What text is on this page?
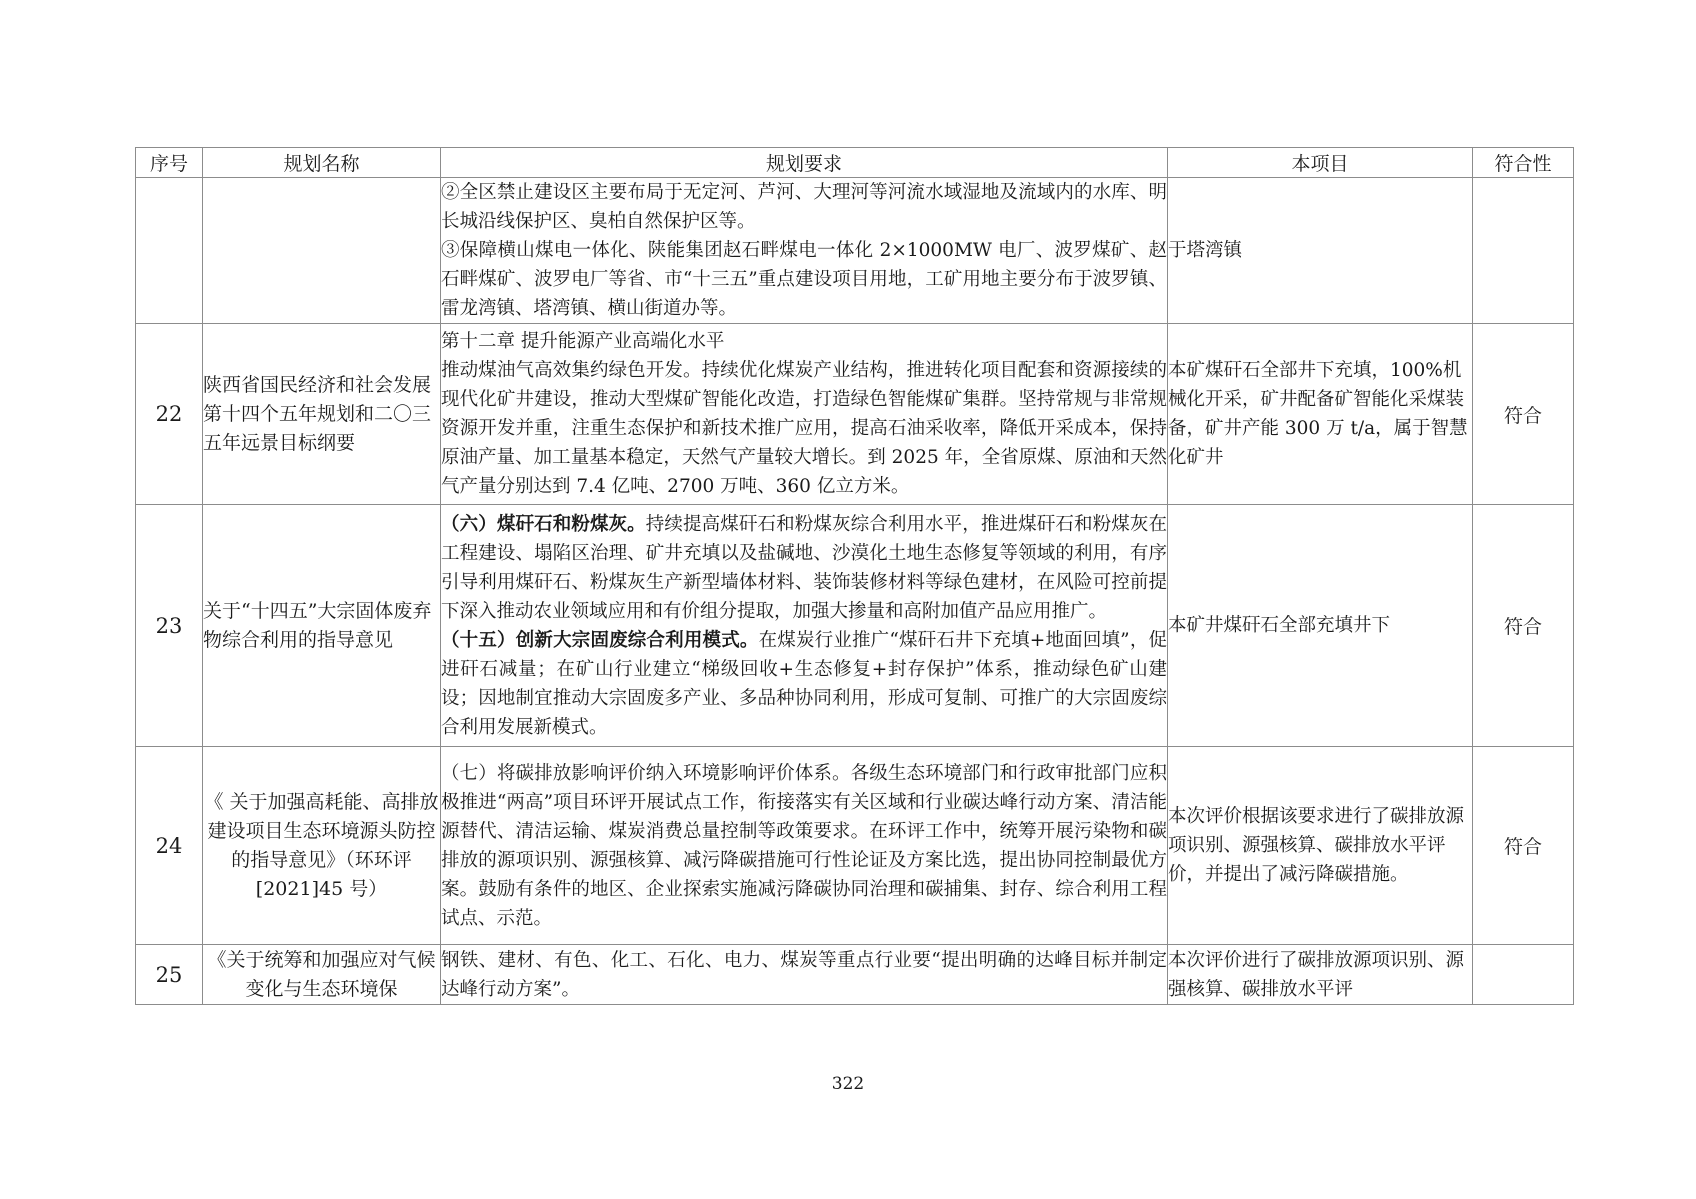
序号	规划名称	规划要求	本项目	符合性

		②全区禁止建设区主要布局于无定河、芦河、大理河等河流水域湿地及流域内的水库、明长城沿线保护区、臭柏自然保护区等。

③保障横山煤电一体化、陕能集团赵石畔煤电一体化 2×1000MW 电厂、波罗煤矿、赵石畔煤矿、波罗电厂等省、市“十三五”重点建设项目用地，工矿用地主要分布于波罗镇、雷龙湾镇、塔湾镇、横山街道办等。	于塔湾镇	
22	陕西省国民经济和社会发展第十四个五年规划和二〇三五年远景目标纲要	第十二章 提升能源产业高端化水平

推动煤油气高效集约绿色开发。持续优化煤炭产业结构，推进转化项目配套和资源接续的现代化矿井建设，推动大型煤矿智能化改造，打造绿色智能煤矿集群。坚持常规与非常规资源开发并重，注重生态保护和新技术推广应用，提高石油采收率，降低开采成本，保持原油产量、加工量基本稳定，天然气产量较大增长。到 2025 年，全省原煤、原油和天然气产量分别达到 7.4 亿吨、2700 万吨、360 亿立方米。	本矿煤矸石全部井下充填，100%机械化开采，矿井配备矿智能化采煤装备，矿井产能 300 万 t/a，属于智慧化矿井	符合
23	关于“十四五”大宗固体废弃物综合利用的指导意见	（六）煤矸石和粉煤灰。持续提高煤矸石和粉煤灰综合利用水平，推进煤矸石和粉煤灰在工程建设、塌陷区治理、矿井充填以及盐碱地、沙漠化土地生态修复等领域的利用，有序引导利用煤矸石、粉煤灰生产新型墙体材料、装饰装修材料等绿色建材，在风险可控前提下深入推动农业领域应用和有价组分提取，加强大掺量和高附加值产品应用推广。

（十五）创新大宗固废综合利用模式。在煤炭行业推广“煤矸石井下充填+地面回填”，促进矸石减量；在矿山行业建立“梯级回收+生态修复+封存保护”体系，推动绿色矿山建设；因地制宜推动大宗固废多产业、多品种协同利用，形成可复制、可推广的大宗固废综合利用发展新模式。	本矿井煤矸石全部充填井下	符合
24	《 关于加强高耗能、高排放建设项目生态环境源头防控的指导意见》（环环评[2021]45 号）	（七）将碳排放影响评价纳入环境影响评价体系。各级生态环境部门和行政审批部门应积极推进“两高”项目环评开展试点工作，衔接落实有关区域和行业碳达峰行动方案、清洁能源替代、清洁运输、煤炭消费总量控制等政策要求。在环评工作中，统筹开展污染物和碳排放的源项识别、源强核算、减污降碳措施可行性论证及方案比选，提出协同控制最优方案。鼓励有条件的地区、企业探索实施减污降碳协同治理和碳捕集、封存、综合利用工程试点、示范。	本次评价根据该要求进行了碳排放源项识别、源强核算、碳排放水平评价，并提出了减污降碳措施。	符合
25	《关于统筹和加强应对气候变化与生态环境保	钢铁、建材、有色、化工、石化、电力、煤炭等重点行业要“提出明确的达峰目标并制定达峰行动方案”。	本次评价进行了碳排放源项识别、源强核算、碳排放水平评	
322
